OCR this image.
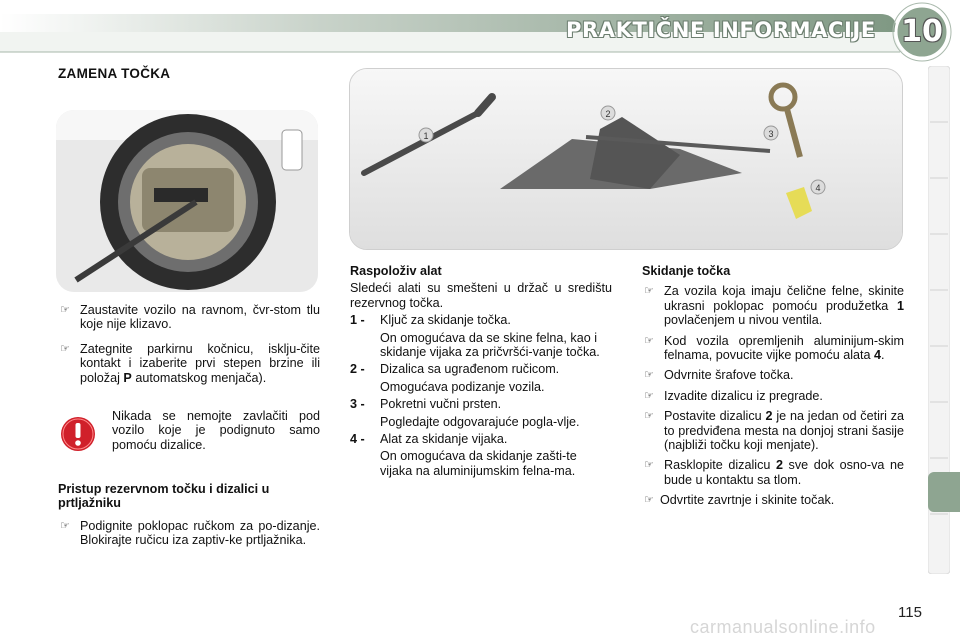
PRAKTIČNE INFORMACIJE 10
ZAMENA TOČKA
1
2
3
4
☞ Zaustavite vozilo na ravnom, čvr-stom tlu koje nije klizavo.
☞ Zategnite parkirnu kočnicu, isklju-čite kontakt i izaberite prvi stepen brzine ili položaj P automatskog menjača).
Nikada se nemojte zavlačiti pod vozilo koje je podignuto samo pomoću dizalice.
Pristup rezervnom točku i dizalici u prtljažniku
☞ Podignite poklopac ručkom za po-dizanje. Blokirajte ručicu iza zaptiv-ke prtljažnika.
Raspoloživ alat
Sledeći alati su smešteni u držač u središtu rezervnog točka.
1 - Ključ za skidanje točka.
On omogućava da se skine felna, kao i skidanje vijaka za pričvršći-vanje točka.
2 - Dizalica sa ugrađenom ručicom.
Omogućava podizanje vozila.
3 - Pokretni vučni prsten.
Pogledajte odgovarajuće pogla-vlje.
4 - Alat za skidanje vijaka.
On omogućava da skidanje zašti-te vijaka na aluminijumskim felna-ma.
Skidanje točka
☞ Za vozila koja imaju čelične felne, skinite ukrasni poklopac pomoću produžetka 1 povlačenjem u nivou ventila.
☞ Kod vozila opremljenih aluminijum-skim felnama, povucite vijke pomoću alata 4.
☞ Odvrnite šrafove točka.
☞ Izvadite dizalicu iz pregrade.
☞ Postavite dizalicu 2 je na jedan od četiri za to predviđena mesta na donjoj strani šasije (najbliži točku koji menjate).
☞ Rasklopite dizalicu 2 sve dok osno-va ne bude u kontaktu sa tlom.
☞ Odvrtite zavrtnje i skinite točak.
115
carmanualsonline.info
